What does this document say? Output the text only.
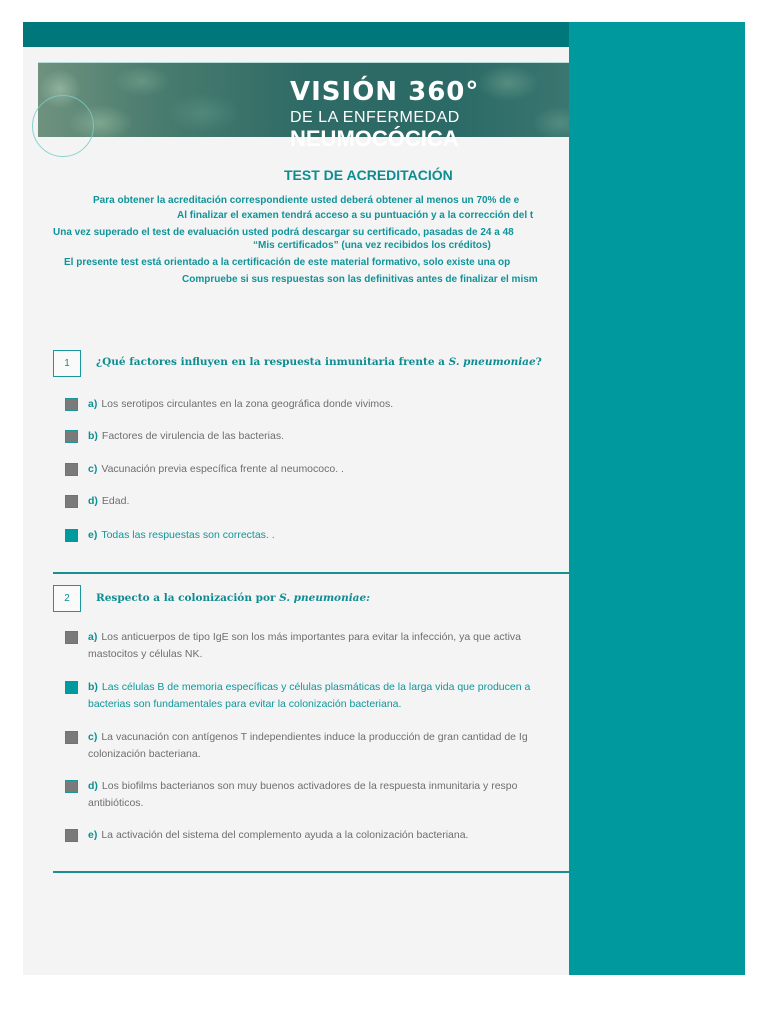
VISIÓN 360°
DE LA ENFERMEDAD
NEUMOCÓCICA
TEST DE ACREDITACIÓN
Para obtener la acreditación correspondiente usted deberá obtener al menos un 70% de e
Al finalizar el examen tendrá acceso a su puntuación y a la corrección del t
Una vez superado el test de evaluación usted podrá descargar su certificado, pasadas de 24 a 48
“Mis certificados” (una vez recibidos los créditos)
El presente test está orientado a la certificación de este material formativo, solo existe una op
Compruebe si sus respuestas son las definitivas antes de finalizar el mism
1	¿Qué factores influyen en la respuesta inmunitaria frente a S. pneumoniae?
a) Los serotipos circulantes en la zona geográfica donde vivimos.
b) Factores de virulencia de las bacterias.
c) Vacunación previa específica frente al neumococo. .
d) Edad.
e) Todas las respuestas son correctas. .
2	Respecto a la colonización por S. pneumoniae:
a) Los anticuerpos de tipo IgE son los más importantes para evitar la infección, ya que activa
mastocitos y células NK.
b) Las células B de memoria específicas y células plasmáticas de la larga vida que producen a
bacterias son fundamentales para evitar la colonización bacteriana.
c) La vacunación con antígenos T independientes induce la producción de gran cantidad de Ig
colonización bacteriana.
d) Los biofilms bacterianos son muy buenos activadores de la respuesta inmunitaria y respo
antibióticos.
e) La activación del sistema del complemento ayuda a la colonización bacteriana.
